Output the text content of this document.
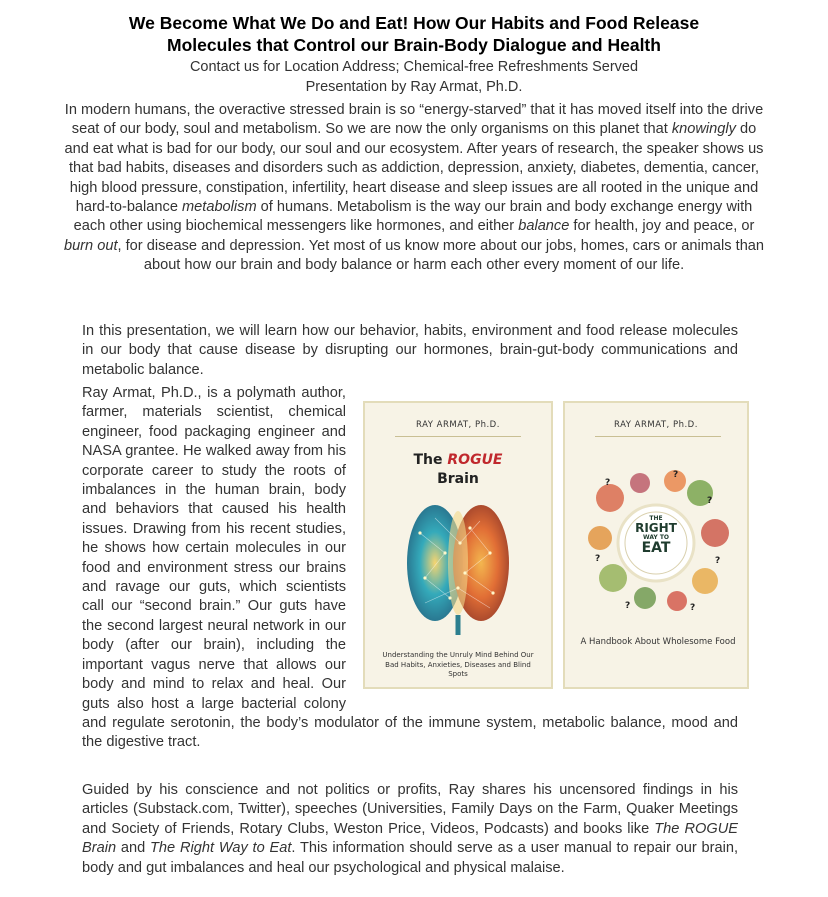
We Become What We Do and Eat! How Our Habits and Food Release
Molecules that Control our Brain-Body Dialogue and Health
Contact us for Location Address; Chemical-free Refreshments Served
Presentation by Ray Armat, Ph.D.
In modern humans, the overactive stressed brain is so “energy-starved” that it has moved itself into the drive seat of our body, soul and metabolism. So we are now the only organisms on this planet that knowingly do and eat what is bad for our body, our soul and our ecosystem. After years of research, the speaker shows us that bad habits, diseases and disorders such as addiction, depression, anxiety, diabetes, dementia, cancer, high blood pressure, constipation, infertility, heart disease and sleep issues are all rooted in the unique and hard-to-balance metabolism of humans. Metabolism is the way our brain and body exchange energy with each other using biochemical messengers like hormones, and either balance for health, joy and peace, or burn out, for disease and depression. Yet most of us know more about our jobs, homes, cars or animals than about how our brain and body balance or harm each other every moment of our life.
In this presentation, we will learn how our behavior, habits, environment and food release molecules in our body that cause disease by disrupting our hormones, brain-gut-body communications and metabolic balance.
Ray Armat, Ph.D., is a polymath author, farmer, materials scientist, chemical engineer, food packaging engineer and NASA grantee. He walked away from his corporate career to study the roots of imbalances in the human brain, body and behaviors that caused his health issues. Drawing from his recent studies, he shows how certain molecules in our food and environment stress our brains and ravage our guts, which scientists call our “second brain.” Our guts have the second largest neural network in our body (after our brain), including the important vagus nerve that allows our body and mind to relax and heal. Our guts also host a large bacterial colony and regulate serotonin, the body’s modulator of the immune system, metabolic balance, mood and the digestive tract.
Guided by his conscience and not politics or profits, Ray shares his uncensored findings in his articles (Substack.com, Twitter), speeches (Universities, Family Days on the Farm, Quaker Meetings and Society of Friends, Rotary Clubs, Weston Price, Videos, Podcasts) and books like The ROGUE Brain and The Right Way to Eat. This information should serve as a user manual to repair our brain, body and gut imbalances and heal our psychological and physical malaise.
RAY ARMAT, Ph.D.
The ROGUE
Brain
Understanding the Unruly Mind Behind Our Bad Habits, Anxieties, Diseases and Blind Spots
RAY ARMAT, Ph.D.
?
?
?
?	?
?	?
THE
RIGHT
WAY TO
EAT
A Handbook About Wholesome Food
